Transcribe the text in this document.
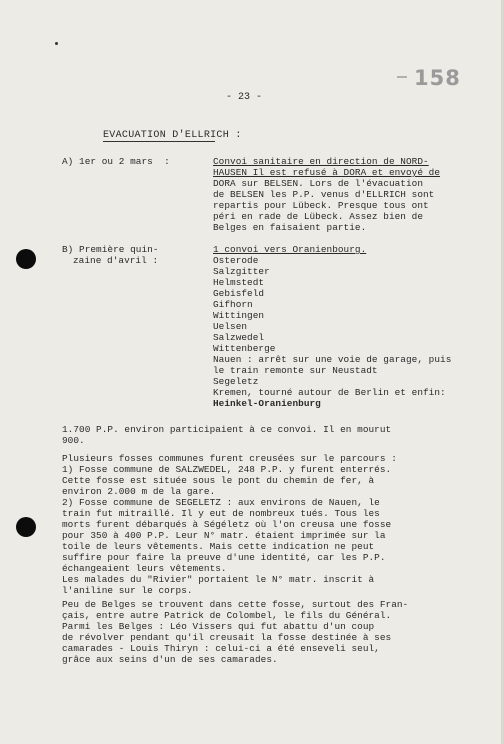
158
- 23 -
EVACUATION D'ELLRICH :
A) 1er ou 2 mars  :	Convoi sanitaire en direction de NORD-
HAUSEN Il est refusé à DORA et envoyé de
DORA sur BELSEN. Lors de l'évacuation
de BELSEN les P.P. venus d'ELLRICH sont
repartis pour Lübeck. Presque tous ont
péri en rade de Lübeck. Assez bien de
Belges en faisaient partie.
B) Première quin-
zaine d'avril :
1 convoi vers Oranienbourg.
Osterode
Salzgitter
Helmstedt
Gebisfeld
Gifhorn
Wittingen
Uelsen
Salzwedel
Wittenberge
Nauen : arrêt sur une voie de garage, puis
le train remonte sur Neustadt
Segeletz
Kremen, tourné autour de Berlin et enfin:
Heinkel-Oranienburg
1.700 P.P. environ participaient à ce convoi. Il en mourut
900.
Plusieurs fosses communes furent creusées sur le parcours :
1) Fosse commune de SALZWEDEL, 248 P.P. y furent enterrés.
Cette fosse est située sous le pont du chemin de fer, à
environ 2.000 m de la gare.
2) Fosse commune de SEGELETZ : aux environs de Nauen, le
train fut mitraillé. Il y eut de nombreux tués. Tous les
morts furent débarqués à Ségéletz où l'on creusa une fosse
pour 350 à 400 P.P. Leur N° matr. étaient imprimée sur la
toile de leurs vêtements. Mais cette indication ne peut
suffire pour faire la preuve d'une identité, car les P.P.
échangeaient leurs vêtements.
Les malades du "Rivier" portaient le N° matr. inscrit à
l'aniline sur le corps.
Peu de Belges se trouvent dans cette fosse, surtout des Fran-
çais, entre autre Patrick de Colombel, le fils du Général.
Parmi les Belges : Léo Vissers qui fut abattu d'un coup
de révolver pendant qu'il creusait la fosse destinée à ses
camarades - Louis Thiryn : celui-ci a été enseveli seul,
grâce aux seins d'un de ses camarades.
